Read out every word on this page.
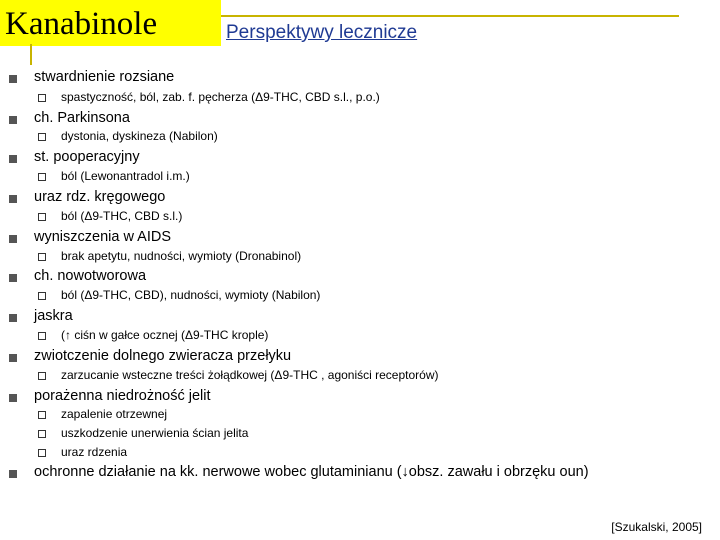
Kanabinole	Perspektywy lecznicze
stwardnienie rozsiane
spastyczność, ból, zab. f. pęcherza (Δ9-THC, CBD s.l., p.o.)
ch. Parkinsona
dystonia, dyskineza (Nabilon)
st. pooperacyjny
ból (Lewonantradol i.m.)
uraz rdz. kręgowego
ból (Δ9-THC, CBD s.l.)
wyniszczenia w AIDS
brak apetytu, nudności, wymioty (Dronabinol)
ch. nowotworowa
ból (Δ9-THC, CBD), nudności, wymioty (Nabilon)
jaskra
(↑ ciśn w gałce ocznej (Δ9-THC krople)
zwiotczenie dolnego zwieracza przełyku
zarzucanie wsteczne treści żołądkowej (Δ9-THC , agoniści receptorów)
porażenna niedrożność jelit
zapalenie otrzewnej
uszkodzenie unerwienia ścian jelita
uraz rdzenia
ochronne działanie na kk. nerwowe wobec glutaminianu (↓obsz. zawału i obrzęku oun)
[Szukalski, 2005]
